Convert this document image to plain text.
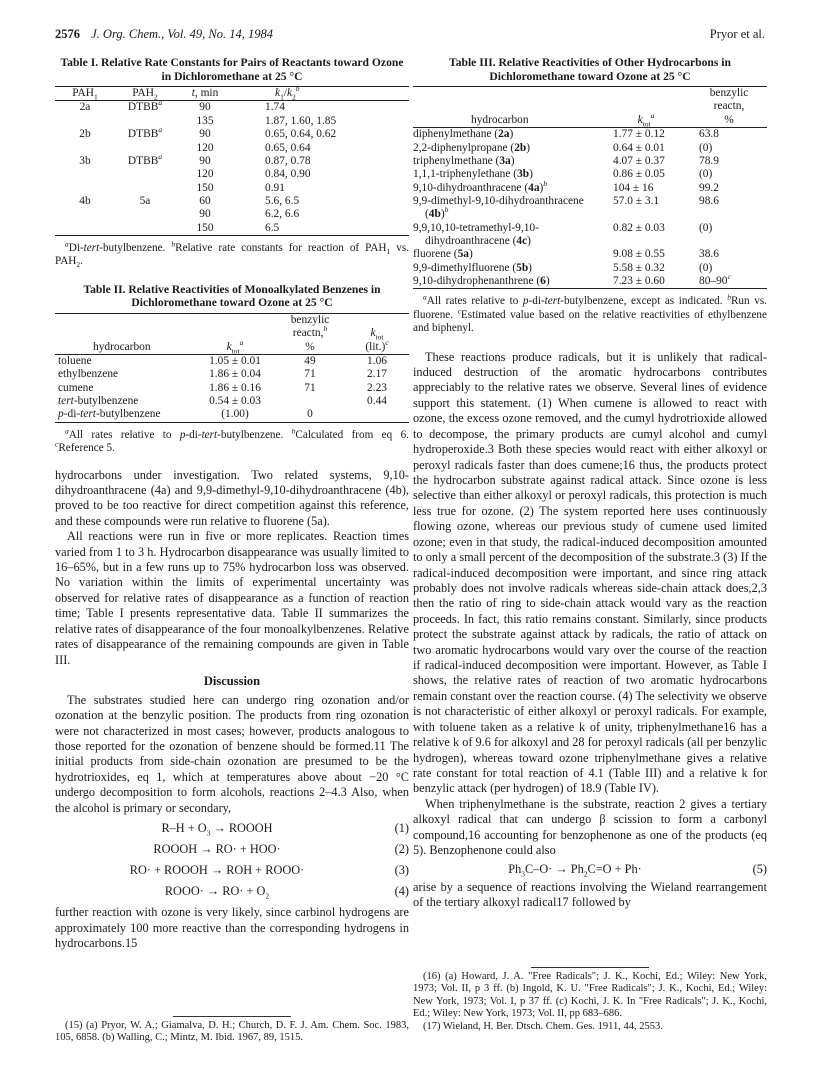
2576 J. Org. Chem., Vol. 49, No. 14, 1984	Pryor et al.
Table I. Relative Rate Constants for Pairs of Reactants toward Ozone in Dichloromethane at 25 °C
$PAH_1$	$PAH_2$	t, min	$k_1/k_2^b$
2a	DTBB$^a$	90	1.74
		135	1.87, 1.60, 1.85
2b	DTBB$^a$	90	0.65, 0.64, 0.62
		120	0.65, 0.64
3b	DTBB$^a$	90	0.87, 0.78
		120	0.84, 0.90
		150	0.91
4b	5a	60	5.6, 6.5
		90	6.2, 6.6
		150	6.5
$^a$Di-tert-butylbenzene. $^b$Relative rate constants for reaction of $PAH_1$ vs. $PAH_2$.
Table II. Relative Reactivities of Monoalkylated Benzenes in Dichloromethane toward Ozone at 25 °C
hydrocarbon	$k_{tot}^a$	benzylic
reactn,$^b$
%	$k_{tot}$
$(lit.)^c$
toluene	1.05 ± 0.01	49	1.06
ethylbenzene	1.86 ± 0.04	71	2.17
cumene	1.86 ± 0.16	71	2.23
tert-butylbenzene	0.54 ± 0.03		0.44
p-di-tert-butylbenzene	(1.00)	0	
$^a$All rates relative to p-di-tert-butylbenzene. $^b$Calculated from eq 6. $^c$Reference 5.

hydrocarbons under investigation. Two related systems, 9,10-dihydroanthracene (4a) and 9,9-dimethyl-9,10-dihydroanthracene (4b), proved to be too reactive for direct competition against this reference, and these compounds were run relative to fluorene (5a).

All reactions were run in five or more replicates. Reaction times varied from 1 to 3 h. Hydrocarbon disappearance was usually limited to 16–65%, but in a few runs up to 75% hydrocarbon loss was observed. No variation within the limits of experimental uncertainty was observed for relative rates of disappearance as a function of reaction time; Table I presents representative data. Table II summarizes the relative rates of disappearance of the four monoalkylbenzenes. Relative rates of disappearance of the remaining compounds are given in Table III.

Discussion

The substrates studied here can undergo ring ozonation and/or ozonation at the benzylic position. The products from ring ozonation were not characterized in most cases; however, products analogous to those reported for the ozonation of benzene should be formed.11 The initial products from side-chain ozonation are presumed to be the hydrotrioxides, eq 1, which at temperatures above about −20 °C undergo decomposition to form alcohols, reactions 2–4.3 Also, when the alcohol is primary or secondary,

$R-H + O_3$ → ROOOH	(1)
ROOOH → RO· + HOO·	(2)
RO· + ROOOH → ROH + ROOO·	(3)
ROOO· → $RO\cdot + O_2$	(4)

further reaction with ozone is very likely, since carbinol hydrogens are approximately 100 more reactive than the corresponding hydrogens in hydrocarbons.15

(15) (a) Pryor, W. A.; Giamalva, D. H.; Church, D. F. J. Am. Chem. Soc. 1983, 105, 6858. (b) Walling, C.; Mintz, M. Ibid. 1967, 89, 1515.

Table III. Relative Reactivities of Other Hydrocarbons in Dichloromethane toward Ozone at 25 °C
hydrocarbon	$k_{tot}^a$	benzylic
reactn,
%

diphenylmethane (2a)	1.77 ± 0.12	63.8

2,2-diphenylpropane (2b)	0.64 ± 0.01	(0)

triphenylmethane (3a)	4.07 ± 0.37	78.9

1,1,1-triphenylethane (3b)	0.86 ± 0.05	(0)

9,10-dihydroanthracene $(4a)^b$	104 ± 16	99.2

9,9-dimethyl-9,10-dihydroanthracene $(4b)^b$	57.0 ± 3.1	98.6

9,9,10,10-tetramethyl-9,10-dihydroanthracene (4c)	0.82 ± 0.03	(0)

fluorene (5a)	9.08 ± 0.55	38.6

9,9-dimethylfluorene (5b)	5.58 ± 0.32	(0)

9,10-dihydrophenanthrene (6)	7.23 ± 0.60	80–90$^c$
$^a$All rates relative to p-di-tert-butylbenzene, except as indicated. $^b$Run vs. fluorene. $^c$Estimated value based on the relative reactivities of ethylbenzene and biphenyl.

These reactions produce radicals, but it is unlikely that radical-induced destruction of the aromatic hydrocarbons contributes appreciably to the relative rates we observe. Several lines of evidence support this statement. (1) When cumene is allowed to react with ozone, the excess ozone removed, and the cumyl hydrotrioxide allowed to decompose, the primary products are cumyl alcohol and cumyl hydroperoxide.3 Both these species would react with either alkoxyl or peroxyl radicals faster than does cumene;16 thus, the products protect the hydrocarbon substrate against radical attack. Since ozone is less selective than either alkoxyl or peroxyl radicals, this protection is much less true for ozone. (2) The system reported here uses continuously flowing ozone, whereas our previous study of cumene used limited ozone; even in that study, the radical-induced decomposition amounted to only a small percent of the decomposition of the substrate.3 (3) If the radical-induced decomposition were important, and since ring attack probably does not involve radicals whereas side-chain attack does,2,3 then the ratio of ring to side-chain attack would vary as the reaction proceeds. In fact, this ratio remains constant. Similarly, since products protect the substrate against attack by radicals, the ratio of attack on two aromatic hydrocarbons would vary over the course of the reaction if radical-induced decomposition were important. However, as Table I shows, the relative rates of reaction of two aromatic hydrocarbons remain constant over the reaction course. (4) The selectivity we observe is not characteristic of either alkoxyl or peroxyl radicals. For example, with toluene taken as a relative k of unity, triphenylmethane16 has a relative k of 9.6 for alkoxyl and 28 for peroxyl radicals (all per benzylic hydrogen), whereas toward ozone triphenylmethane gives a relative rate constant for total reaction of 4.1 (Table III) and a relative k for benzylic attack (per hydrogen) of 18.9 (Table IV).

When triphenylmethane is the substrate, reaction 2 gives a tertiary alkoxyl radical that can undergo β scission to form a carbonyl compound,16 accounting for benzophenone as one of the products (eq 5). Benzophenone could also

$Ph_3C-O\cdot \to Ph_2C=O + Ph\cdot$	(5)

arise by a sequence of reactions involving the Wieland rearrangement of the tertiary alkoxyl radical17 followed by

(16) (a) Howard, J. A. "Free Radicals"; J. K., Kochi, Ed.; Wiley: New York, 1973; Vol. II, p 3 ff. (b) Ingold, K. U. "Free Radicals"; J. K., Kochi, Ed.; Wiley: New York, 1973; Vol. I, p 37 ff. (c) Kochi, J. K. In "Free Radicals"; J. K., Kochi, Ed.; Wiley: New York, 1973; Vol. II, pp 683–686.

(17) Wieland, H. Ber. Dtsch. Chem. Ges. 1911, 44, 2553.
